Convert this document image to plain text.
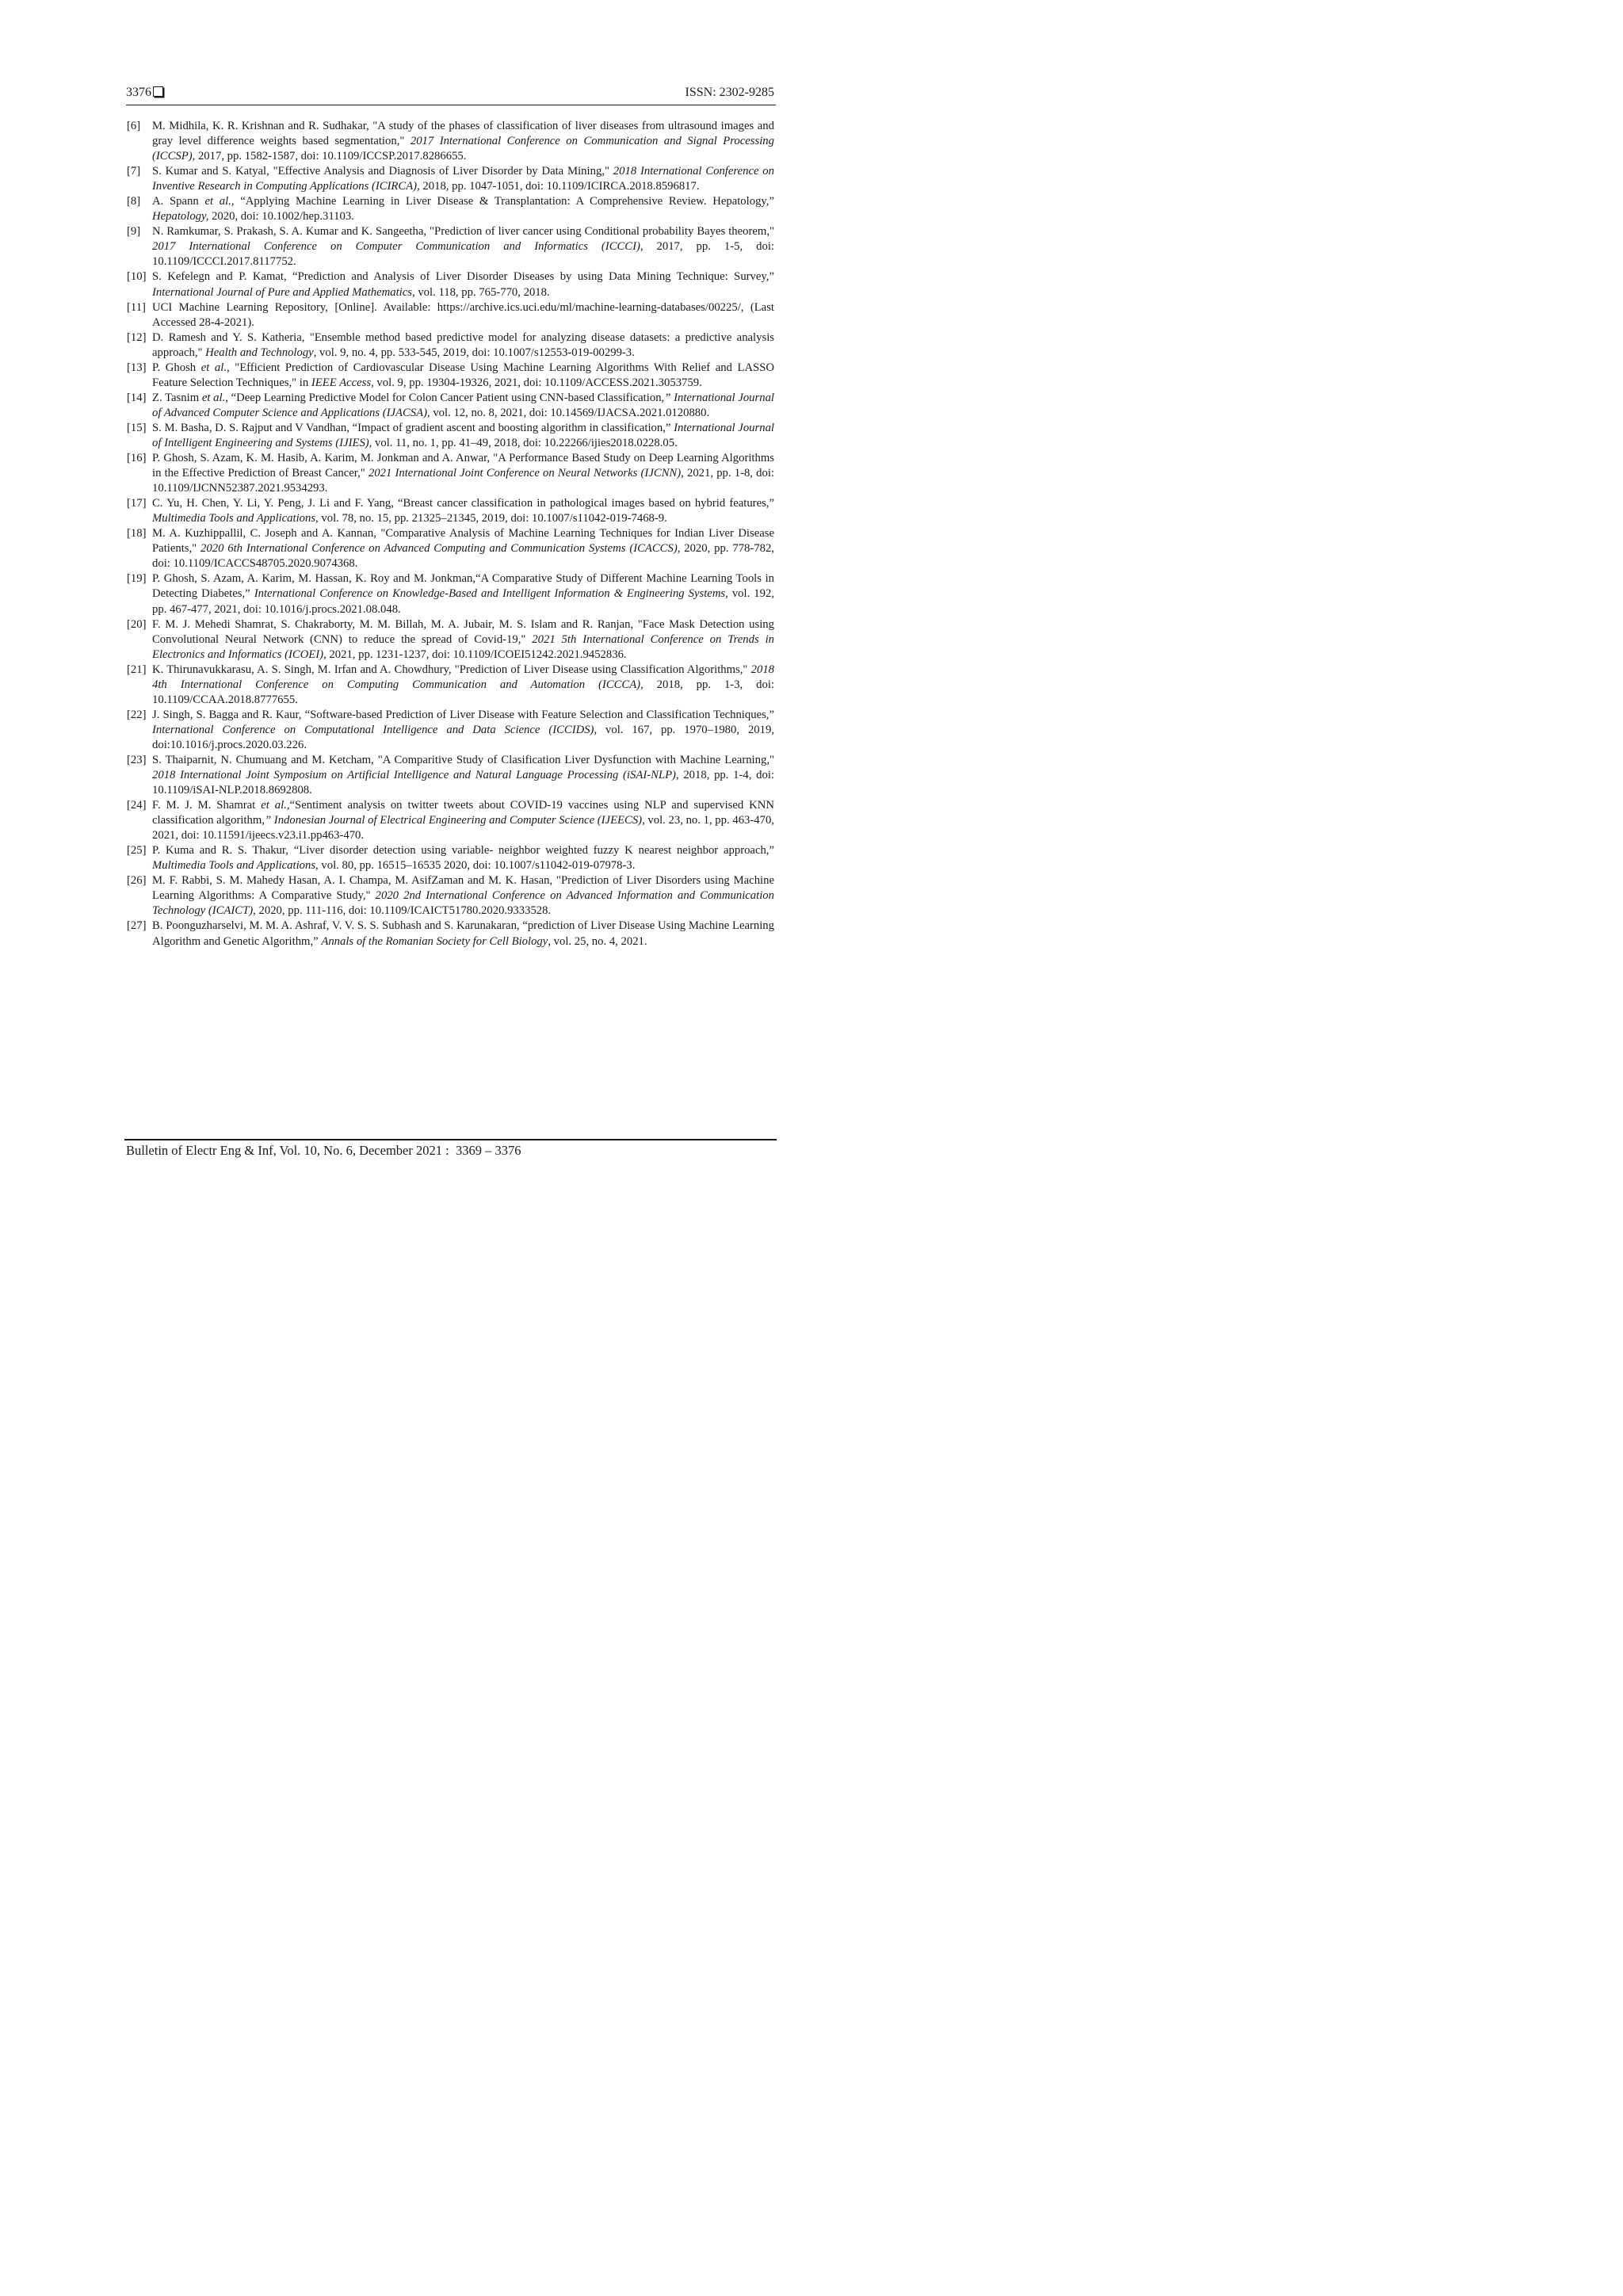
3376	ISSN: 2302-9285
[6] M. Midhila, K. R. Krishnan and R. Sudhakar, "A study of the phases of classification of liver diseases from ultrasound images and gray level difference weights based segmentation," 2017 International Conference on Communication and Signal Processing (ICCSP), 2017, pp. 1582-1587, doi: 10.1109/ICCSP.2017.8286655.
[7] S. Kumar and S. Katyal, "Effective Analysis and Diagnosis of Liver Disorder by Data Mining," 2018 International Conference on Inventive Research in Computing Applications (ICIRCA), 2018, pp. 1047-1051, doi: 10.1109/ICIRCA.2018.8596817.
[8] A. Spann et al., “Applying Machine Learning in Liver Disease & Transplantation: A Comprehensive Review. Hepatology,” Hepatology, 2020, doi: 10.1002/hep.31103.
[9] N. Ramkumar, S. Prakash, S. A. Kumar and K. Sangeetha, "Prediction of liver cancer using Conditional probability Bayes theorem," 2017 International Conference on Computer Communication and Informatics (ICCCI), 2017, pp. 1-5, doi: 10.1109/ICCCI.2017.8117752.
[10] S. Kefelegn and P. Kamat, “Prediction and Analysis of Liver Disorder Diseases by using Data Mining Technique: Survey,” International Journal of Pure and Applied Mathematics, vol. 118, pp. 765-770, 2018.
[11] UCI Machine Learning Repository, [Online]. Available: https://archive.ics.uci.edu/ml/machine-learning-databases/00225/, (Last Accessed 28-4-2021).
[12] D. Ramesh and Y. S. Katheria, "Ensemble method based predictive model for analyzing disease datasets: a predictive analysis approach," Health and Technology, vol. 9, no. 4, pp. 533-545, 2019, doi: 10.1007/s12553-019-00299-3.
[13] P. Ghosh et al., "Efficient Prediction of Cardiovascular Disease Using Machine Learning Algorithms With Relief and LASSO Feature Selection Techniques," in IEEE Access, vol. 9, pp. 19304-19326, 2021, doi: 10.1109/ACCESS.2021.3053759.
[14] Z. Tasnim et al., “Deep Learning Predictive Model for Colon Cancer Patient using CNN-based Classification,” International Journal of Advanced Computer Science and Applications (IJACSA), vol. 12, no. 8, 2021, doi: 10.14569/IJACSA.2021.0120880.
[15] S. M. Basha, D. S. Rajput and V Vandhan, “Impact of gradient ascent and boosting algorithm in classification,” International Journal of Intelligent Engineering and Systems (IJIES), vol. 11, no. 1, pp. 41–49, 2018, doi: 10.22266/ijies2018.0228.05.
[16] P. Ghosh, S. Azam, K. M. Hasib, A. Karim, M. Jonkman and A. Anwar, "A Performance Based Study on Deep Learning Algorithms in the Effective Prediction of Breast Cancer," 2021 International Joint Conference on Neural Networks (IJCNN), 2021, pp. 1-8, doi: 10.1109/IJCNN52387.2021.9534293.
[17] C. Yu, H. Chen, Y. Li, Y. Peng, J. Li and F. Yang, “Breast cancer classification in pathological images based on hybrid features,” Multimedia Tools and Applications, vol. 78, no. 15, pp. 21325–21345, 2019, doi: 10.1007/s11042-019-7468-9.
[18] M. A. Kuzhippallil, C. Joseph and A. Kannan, "Comparative Analysis of Machine Learning Techniques for Indian Liver Disease Patients," 2020 6th International Conference on Advanced Computing and Communication Systems (ICACCS), 2020, pp. 778-782, doi: 10.1109/ICACCS48705.2020.9074368.
[19] P. Ghosh, S. Azam, A. Karim, M. Hassan, K. Roy and M. Jonkman,“A Comparative Study of Different Machine Learning Tools in Detecting Diabetes,” International Conference on Knowledge-Based and Intelligent Information & Engineering Systems, vol. 192, pp. 467-477, 2021, doi: 10.1016/j.procs.2021.08.048.
[20] F. M. J. Mehedi Shamrat, S. Chakraborty, M. M. Billah, M. A. Jubair, M. S. Islam and R. Ranjan, "Face Mask Detection using Convolutional Neural Network (CNN) to reduce the spread of Covid-19," 2021 5th International Conference on Trends in Electronics and Informatics (ICOEI), 2021, pp. 1231-1237, doi: 10.1109/ICOEI51242.2021.9452836.
[21] K. Thirunavukkarasu, A. S. Singh, M. Irfan and A. Chowdhury, "Prediction of Liver Disease using Classification Algorithms," 2018 4th International Conference on Computing Communication and Automation (ICCCA), 2018, pp. 1-3, doi: 10.1109/CCAA.2018.8777655.
[22] J. Singh, S. Bagga and R. Kaur, “Software-based Prediction of Liver Disease with Feature Selection and Classification Techniques,” International Conference on Computational Intelligence and Data Science (ICCIDS), vol. 167, pp. 1970–1980, 2019, doi:10.1016/j.procs.2020.03.226.
[23] S. Thaiparnit, N. Chumuang and M. Ketcham, "A Comparitive Study of Clasification Liver Dysfunction with Machine Learning," 2018 International Joint Symposium on Artificial Intelligence and Natural Language Processing (iSAI-NLP), 2018, pp. 1-4, doi: 10.1109/iSAI-NLP.2018.8692808.
[24] F. M. J. M. Shamrat et al.,“Sentiment analysis on twitter tweets about COVID-19 vaccines using NLP and supervised KNN classification algorithm,” Indonesian Journal of Electrical Engineering and Computer Science (IJEECS), vol. 23, no. 1, pp. 463-470, 2021, doi: 10.11591/ijeecs.v23.i1.pp463-470.
[25] P. Kuma and R. S. Thakur, “Liver disorder detection using variable- neighbor weighted fuzzy K nearest neighbor approach,” Multimedia Tools and Applications, vol. 80, pp. 16515–16535 2020, doi: 10.1007/s11042-019-07978-3.
[26] M. F. Rabbi, S. M. Mahedy Hasan, A. I. Champa, M. AsifZaman and M. K. Hasan, "Prediction of Liver Disorders using Machine Learning Algorithms: A Comparative Study," 2020 2nd International Conference on Advanced Information and Communication Technology (ICAICT), 2020, pp. 111-116, doi: 10.1109/ICAICT51780.2020.9333528.
[27] B. Poonguzharselvi, M. M. A. Ashraf, V. V. S. S. Subhash and S. Karunakaran, “prediction of Liver Disease Using Machine Learning Algorithm and Genetic Algorithm,” Annals of the Romanian Society for Cell Biology, vol. 25, no. 4, 2021.
Bulletin of Electr Eng & Inf, Vol. 10, No. 6, December 2021 :  3369 – 3376
